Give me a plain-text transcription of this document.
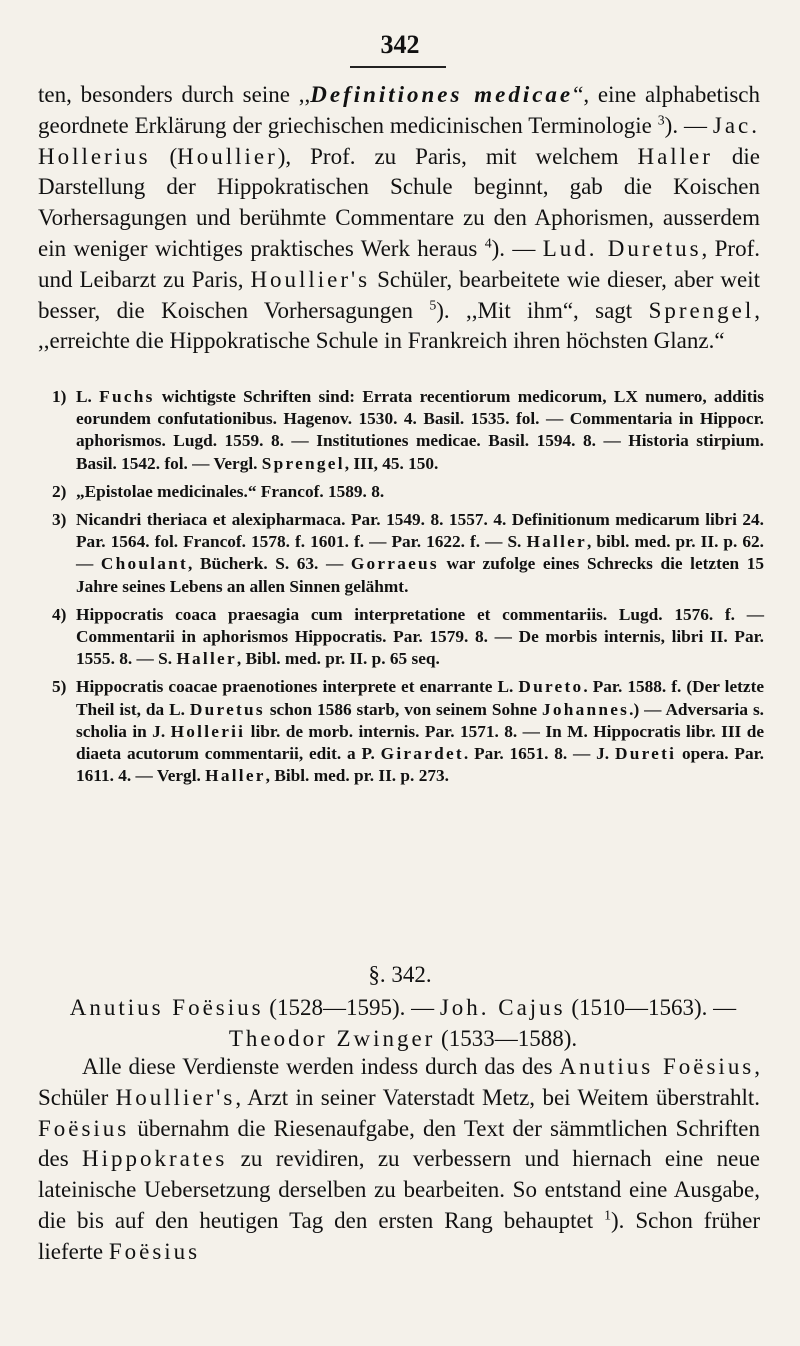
342

ten, besonders durch seine ,,Definitiones medicae“, eine alphabetisch geordnete Erklärung der griechischen medicinischen Terminologie $^3$). — Jac. Hollerius (Houllier), Prof. zu Paris, mit welchem Haller die Darstellung der Hippokratischen Schule beginnt, gab die Koischen Vorhersagungen und berühmte Commentare zu den Aphorismen, ausserdem ein weniger wichtiges praktisches Werk heraus $^4$). — Lud. Duretus, Prof. und Leibarzt zu Paris, Houllier's Schüler, bearbeitete wie dieser, aber weit besser, die Koischen Vorhersagungen $^5$). ,,Mit ihm“, sagt Sprengel, ,,erreichte die Hippokratische Schule in Frankreich ihren höchsten Glanz.“

1) L. Fuchs wichtigste Schriften sind: Errata recentiorum medicorum, LX numero, additis eorundem confutationibus. Hagenov. 1530. 4. Basil. 1535. fol. — Commentaria in Hippocr. aphorismos. Lugd. 1559. 8. — Institutiones medicae. Basil. 1594. 8. — Historia stirpium. Basil. 1542. fol. — Vergl. Sprengel, III, 45. 150.

2) „Epistolae medicinales.“ Francof. 1589. 8.

3) Nicandri theriaca et alexipharmaca. Par. 1549. 8. 1557. 4. Definitionum medicarum libri 24. Par. 1564. fol. Francof. 1578. f. 1601. f. — Par. 1622. f. — S. Haller, bibl. med. pr. II. p. 62. — Choulant, Bücherk. S. 63. — Gorraeus war zufolge eines Schrecks die letzten 15 Jahre seines Lebens an allen Sinnen gelähmt.

4) Hippocratis coaca praesagia cum interpretatione et commentariis. Lugd. 1576. f. — Commentarii in aphorismos Hippocratis. Par. 1579. 8. — De morbis internis, libri II. Par. 1555. 8. — S. Haller, Bibl. med. pr. II. p. 65 seq.

5) Hippocratis coacae praenotiones interprete et enarrante L. Dureto. Par. 1588. f. (Der letzte Theil ist, da L. Duretus schon 1586 starb, von seinem Sohne Johannes.) — Adversaria s. scholia in J. Hollerii libr. de morb. internis. Par. 1571. 8. — In M. Hippocratis libr. III de diaeta acutorum commentarii, edit. a P. Girardet. Par. 1651. 8. — J. Dureti opera. Par. 1611. 4. — Vergl. Haller, Bibl. med. pr. II. p. 273.

§. 342.
Anutius Foësius (1528—1595). — Joh. Cajus (1510—1563). — Theodor Zwinger (1533—1588).

Alle diese Verdienste werden indess durch das des Anutius Foësius, Schüler Houllier's, Arzt in seiner Vaterstadt Metz, bei Weitem überstrahlt. Foësius übernahm die Riesenaufgabe, den Text der sämmtlichen Schriften des Hippokrates zu revidiren, zu verbessern und hiernach eine neue lateinische Uebersetzung derselben zu bearbeiten. So entstand eine Ausgabe, die bis auf den heutigen Tag den ersten Rang behauptet $^1$). Schon früher lieferte Foësius
